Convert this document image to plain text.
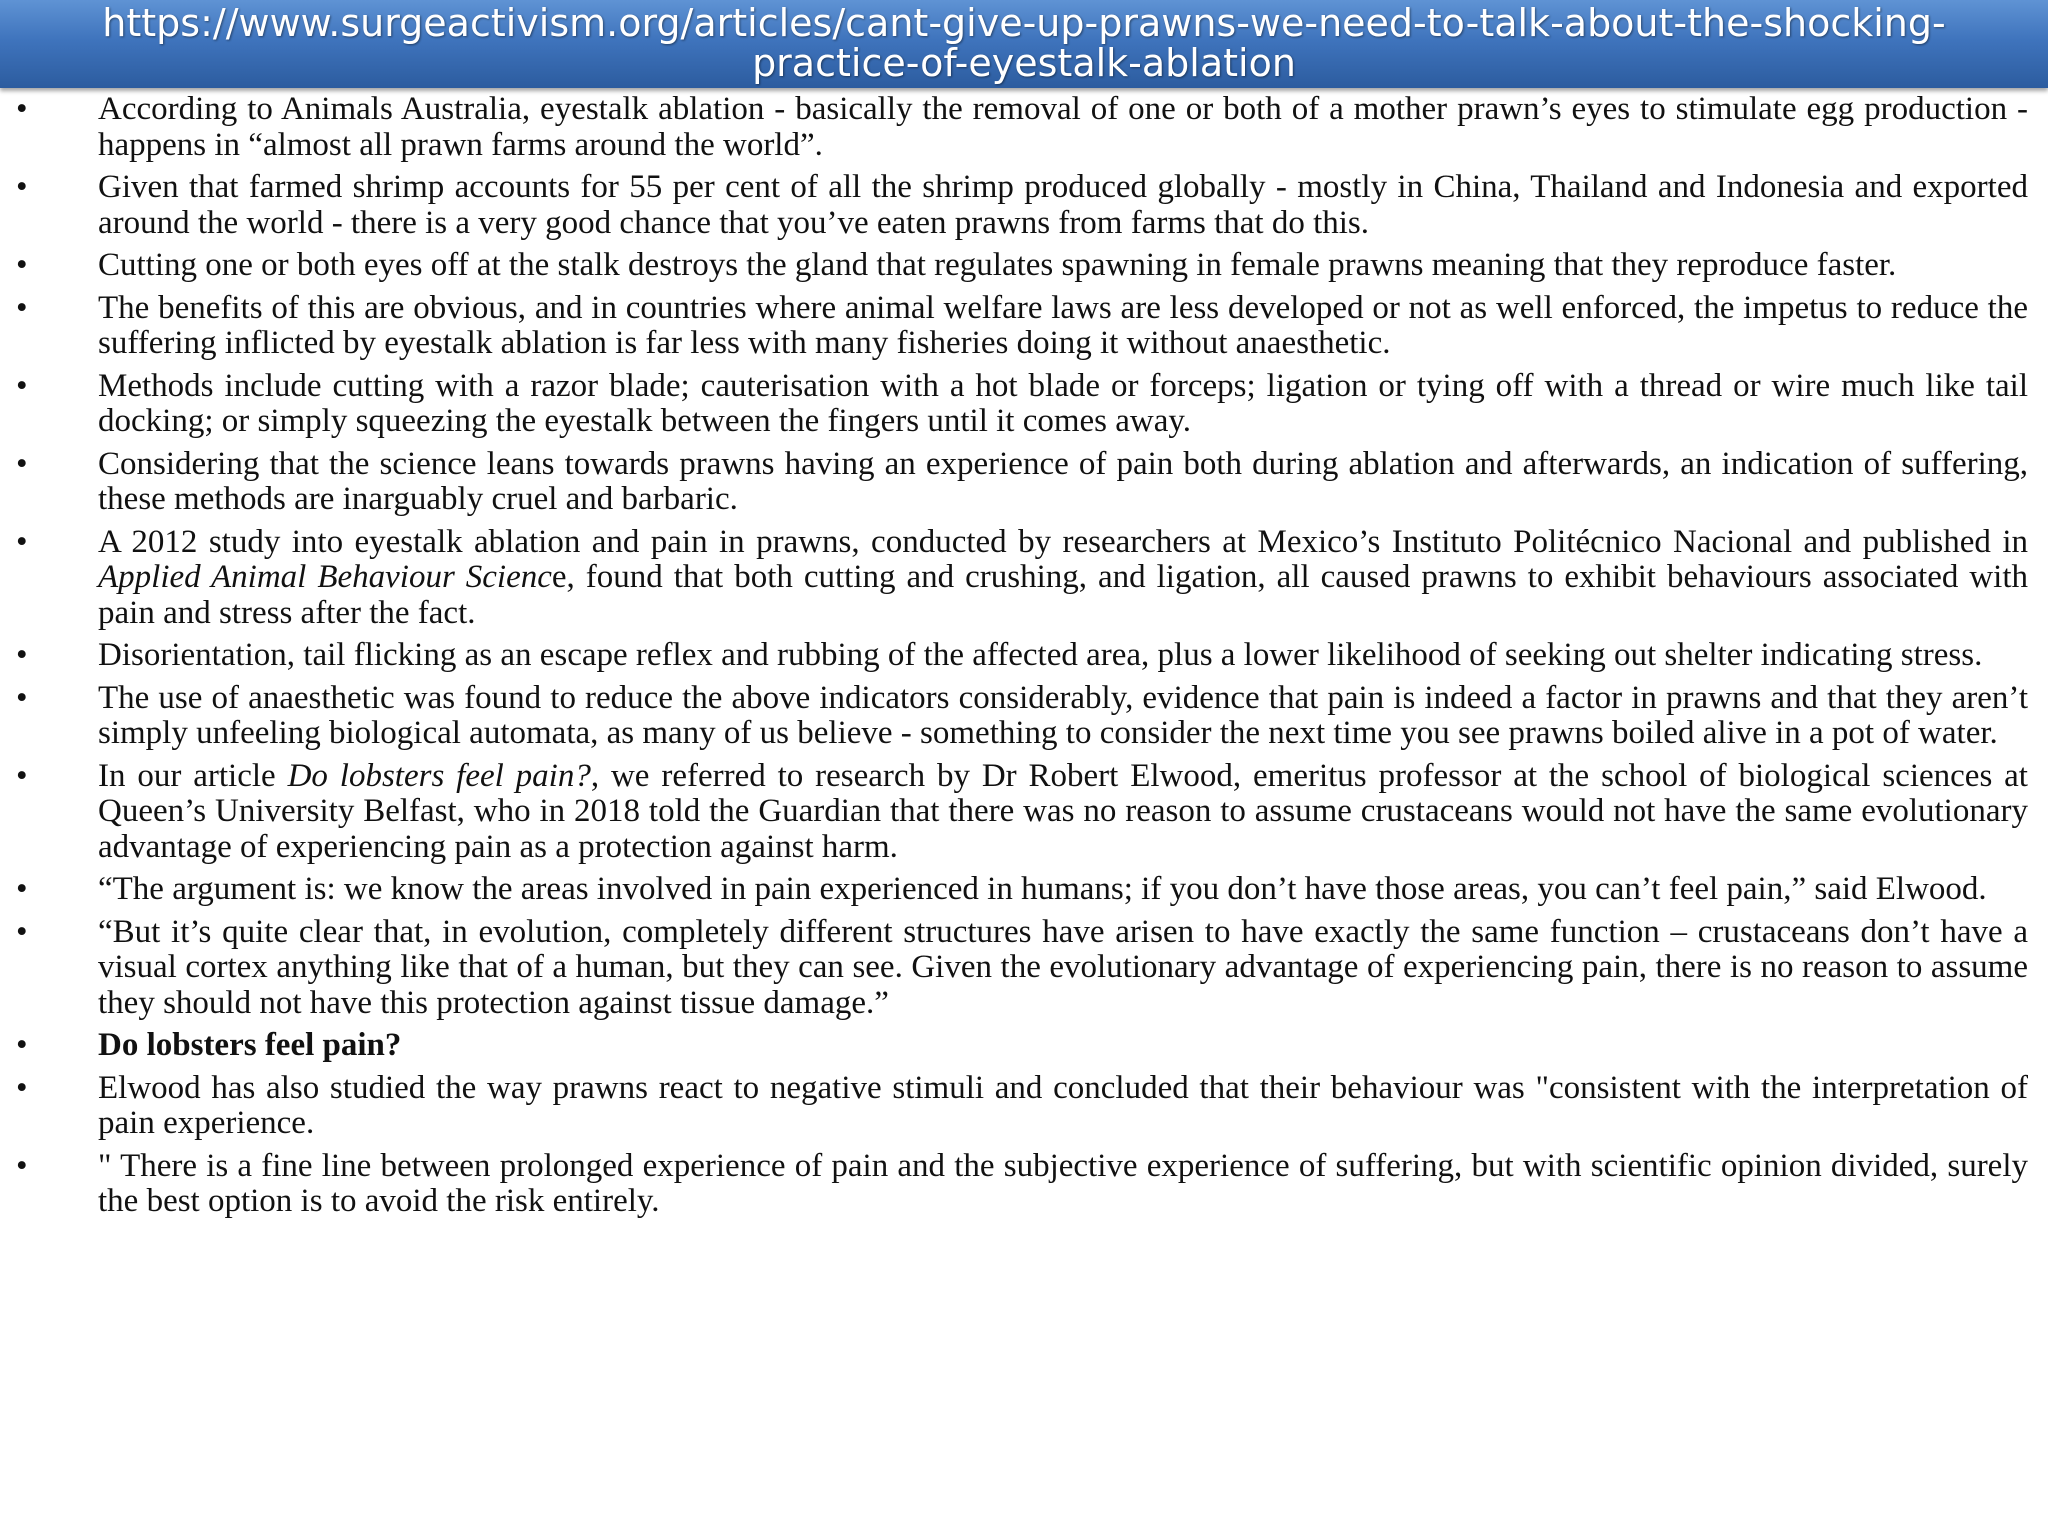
https://www.surgeactivism.org/articles/cant-give-up-prawns-we-need-to-talk-about-the-shocking-practice-of-eyestalk-ablation
• According to Animals Australia, eyestalk ablation - basically the removal of one or both of a mother prawn’s eyes to stimulate egg production - happens in “almost all prawn farms around the world”.
• Given that farmed shrimp accounts for 55 per cent of all the shrimp produced globally - mostly in China, Thailand and Indonesia and exported around the world - there is a very good chance that you’ve eaten prawns from farms that do this.
• Cutting one or both eyes off at the stalk destroys the gland that regulates spawning in female prawns meaning that they reproduce faster.
• The benefits of this are obvious, and in countries where animal welfare laws are less developed or not as well enforced, the impetus to reduce the suffering inflicted by eyestalk ablation is far less with many fisheries doing it without anaesthetic.
• Methods include cutting with a razor blade; cauterisation with a hot blade or forceps; ligation or tying off with a thread or wire much like tail docking; or simply squeezing the eyestalk between the fingers until it comes away.
• Considering that the science leans towards prawns having an experience of pain both during ablation and afterwards, an indication of suffering, these methods are inarguably cruel and barbaric.
• A 2012 study into eyestalk ablation and pain in prawns, conducted by researchers at Mexico’s Instituto Politécnico Nacional and published in Applied Animal Behaviour Science, found that both cutting and crushing, and ligation, all caused prawns to exhibit behaviours associated with pain and stress after the fact.
• Disorientation, tail flicking as an escape reflex and rubbing of the affected area, plus a lower likelihood of seeking out shelter indicating stress.
• The use of anaesthetic was found to reduce the above indicators considerably, evidence that pain is indeed a factor in prawns and that they aren’t simply unfeeling biological automata, as many of us believe - something to consider the next time you see prawns boiled alive in a pot of water.
• In our article Do lobsters feel pain?, we referred to research by Dr Robert Elwood, emeritus professor at the school of biological sciences at Queen’s University Belfast, who in 2018 told the Guardian that there was no reason to assume crustaceans would not have the same evolutionary advantage of experiencing pain as a protection against harm.
• “The argument is: we know the areas involved in pain experienced in humans; if you don’t have those areas, you can’t feel pain,” said Elwood.
• “But it’s quite clear that, in evolution, completely different structures have arisen to have exactly the same function – crustaceans don’t have a visual cortex anything like that of a human, but they can see. Given the evolutionary advantage of experiencing pain, there is no reason to assume they should not have this protection against tissue damage.”
• Do lobsters feel pain?
• Elwood has also studied the way prawns react to negative stimuli and concluded that their behaviour was "consistent with the interpretation of pain experience.
• " There is a fine line between prolonged experience of pain and the subjective experience of suffering, but with scientific opinion divided, surely the best option is to avoid the risk entirely.
